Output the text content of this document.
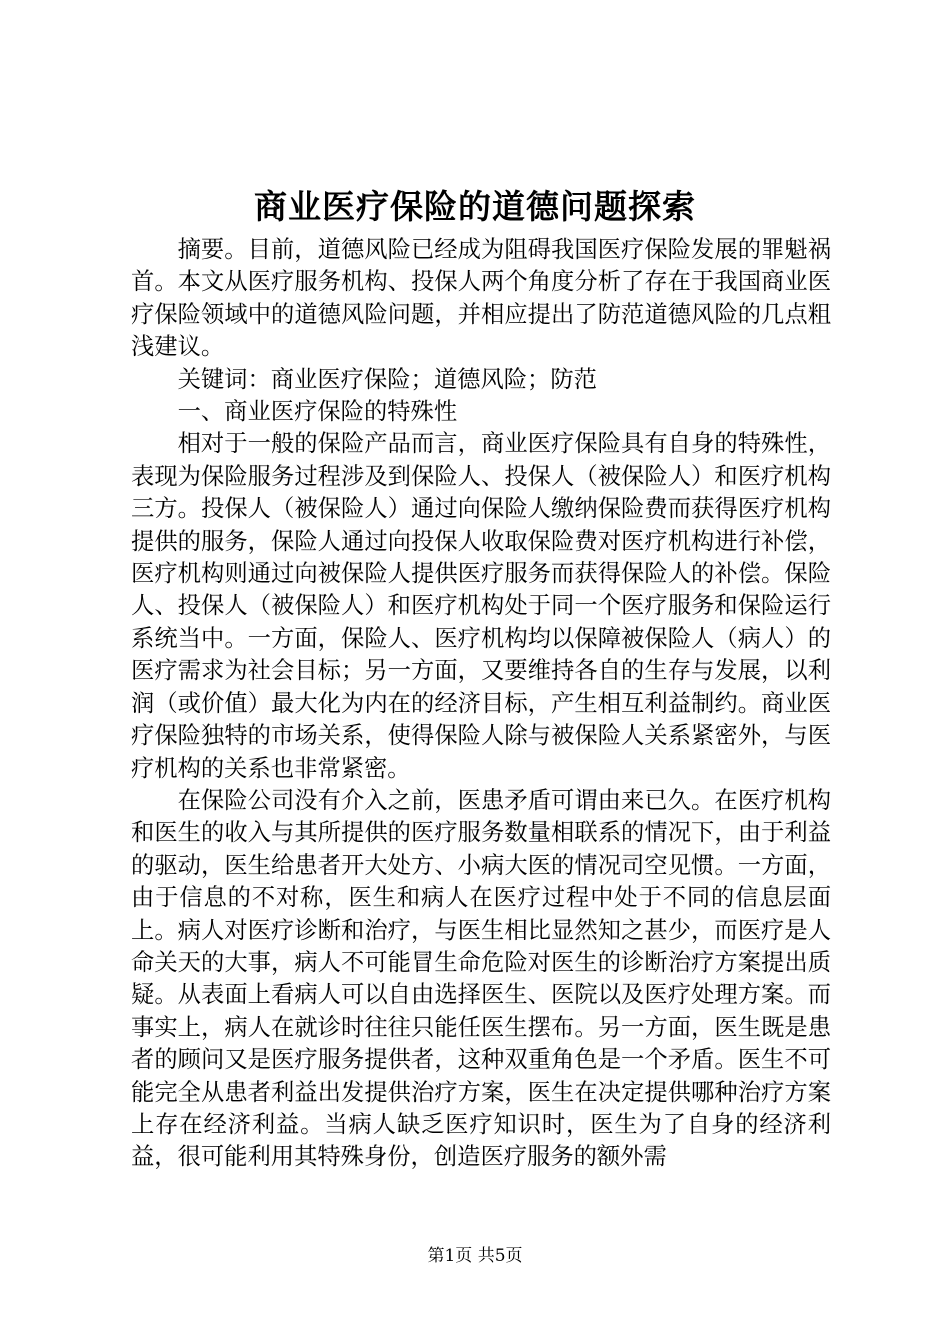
商业医疗保险的道德问题探索

摘要。目前，道德风险已经成为阻碍我国医疗保险发展的罪魁祸首。本文从医疗服务机构、投保人两个角度分析了存在于我国商业医疗保险领域中的道德风险问题，并相应提出了防范道德风险的几点粗浅建议。

关键词：商业医疗保险；道德风险；防范

一、商业医疗保险的特殊性

相对于一般的保险产品而言，商业医疗保险具有自身的特殊性，表现为保险服务过程涉及到保险人、投保人（被保险人）和医疗机构三方。投保人（被保险人）通过向保险人缴纳保险费而获得医疗机构提供的服务，保险人通过向投保人收取保险费对医疗机构进行补偿，医疗机构则通过向被保险人提供医疗服务而获得保险人的补偿。保险人、投保人（被保险人）和医疗机构处于同一个医疗服务和保险运行系统当中。一方面，保险人、医疗机构均以保障被保险人（病人）的医疗需求为社会目标；另一方面，又要维持各自的生存与发展，以利润（或价值）最大化为内在的经济目标，产生相互利益制约。商业医疗保险独特的市场关系，使得保险人除与被保险人关系紧密外，与医疗机构的关系也非常紧密。

在保险公司没有介入之前，医患矛盾可谓由来已久。在医疗机构和医生的收入与其所提供的医疗服务数量相联系的情况下，由于利益的驱动，医生给患者开大处方、小病大医的情况司空见惯。一方面，由于信息的不对称，医生和病人在医疗过程中处于不同的信息层面上。病人对医疗诊断和治疗，与医生相比显然知之甚少，而医疗是人命关天的大事，病人不可能冒生命危险对医生的诊断治疗方案提出质疑。从表面上看病人可以自由选择医生、医院以及医疗处理方案。而事实上，病人在就诊时往往只能任医生摆布。另一方面，医生既是患者的顾问又是医疗服务提供者，这种双重角色是一个矛盾。医生不可能完全从患者利益出发提供治疗方案，医生在决定提供哪种治疗方案上存在经济利益。当病人缺乏医疗知识时，医生为了自身的经济利益，很可能利用其特殊身份，创造医疗服务的额外需

第1页 共5页
